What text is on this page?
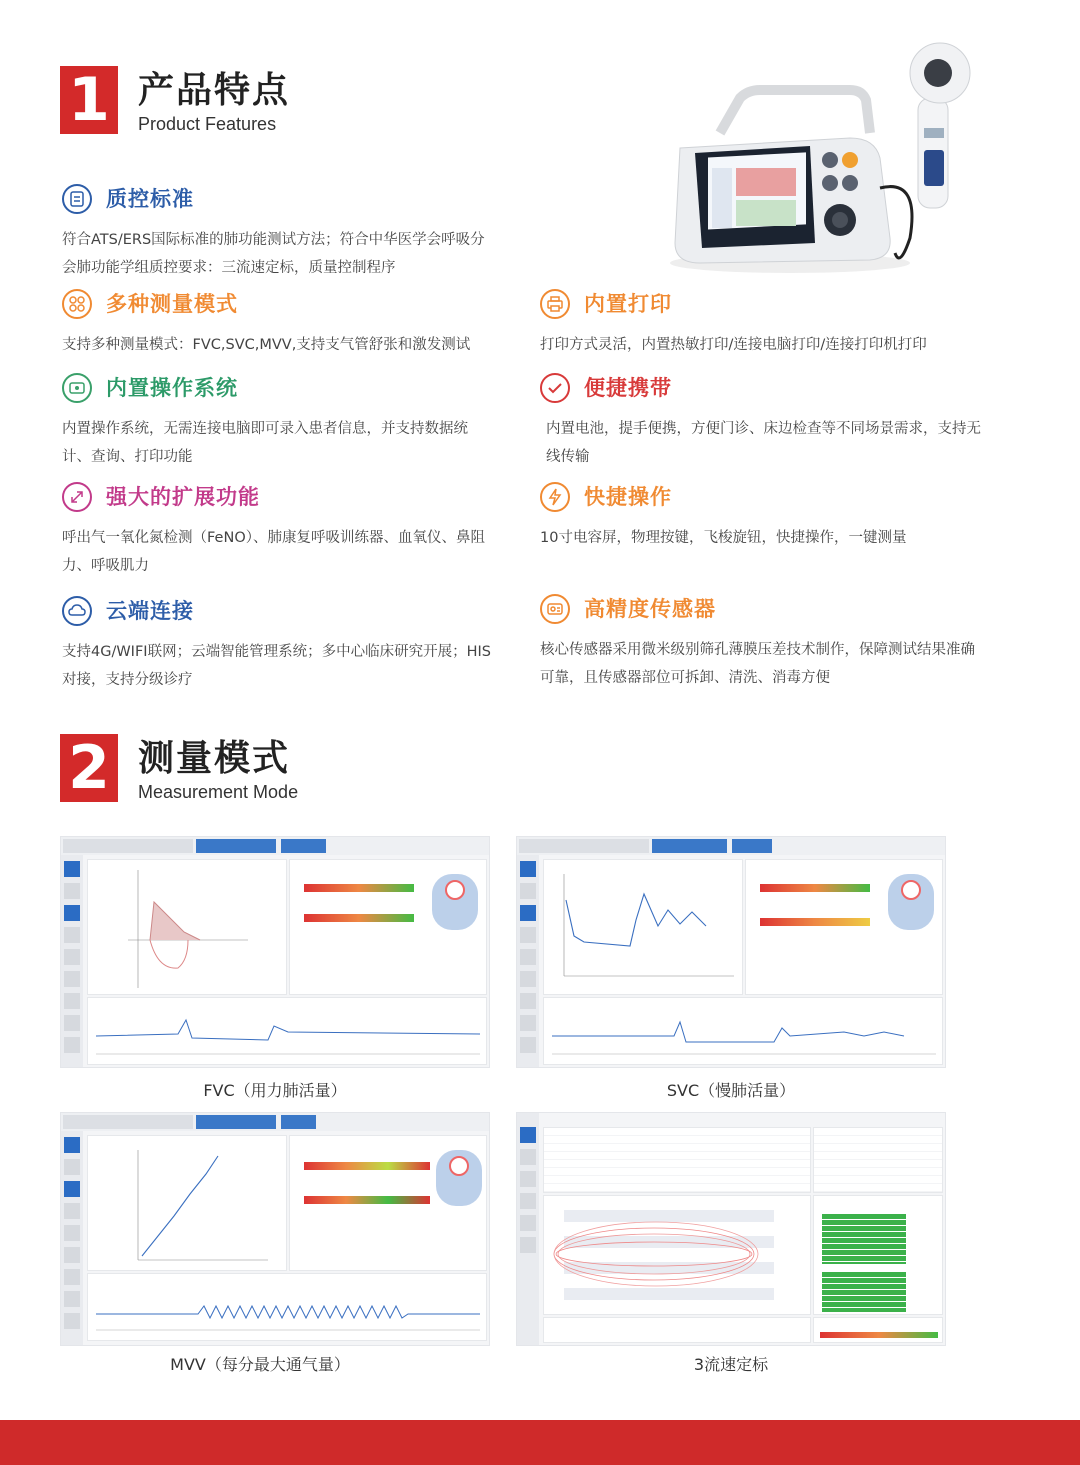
1 产品特点
Product Features
质控标准
符合ATS/ERS国际标准的肺功能测试方法；符合中华医学会呼吸分会肺功能学组质控要求：三流速定标，质量控制程序
多种测量模式
支持多种测量模式：FVC,SVC,MVV,支持支气管舒张和激发测试
内置操作系统
内置操作系统，无需连接电脑即可录入患者信息，并支持数据统计、查询、打印功能
强大的扩展功能
呼出气一氧化氮检测（FeNO）、肺康复呼吸训练器、血氧仪、鼻阻力、呼吸肌力
云端连接
支持4G/WIFI联网；云端智能管理系统；多中心临床研究开展；HIS对接，支持分级诊疗
内置打印
打印方式灵活，内置热敏打印/连接电脑打印/连接打印机打印
便捷携带
内置电池，提手便携，方便门诊、床边检查等不同场景需求，支持无线传输
快捷操作
10寸电容屏，物理按键，飞梭旋钮，快捷操作，一键测量
高精度传感器
核心传感器采用微米级别筛孔薄膜压差技术制作，保障测试结果准确可靠，且传感器部位可拆卸、清洗、消毒方便
2 测量模式
Measurement Mode
FVC（用力肺活量）	SVC（慢肺活量）
MVV（每分最大通气量）	3流速定标
